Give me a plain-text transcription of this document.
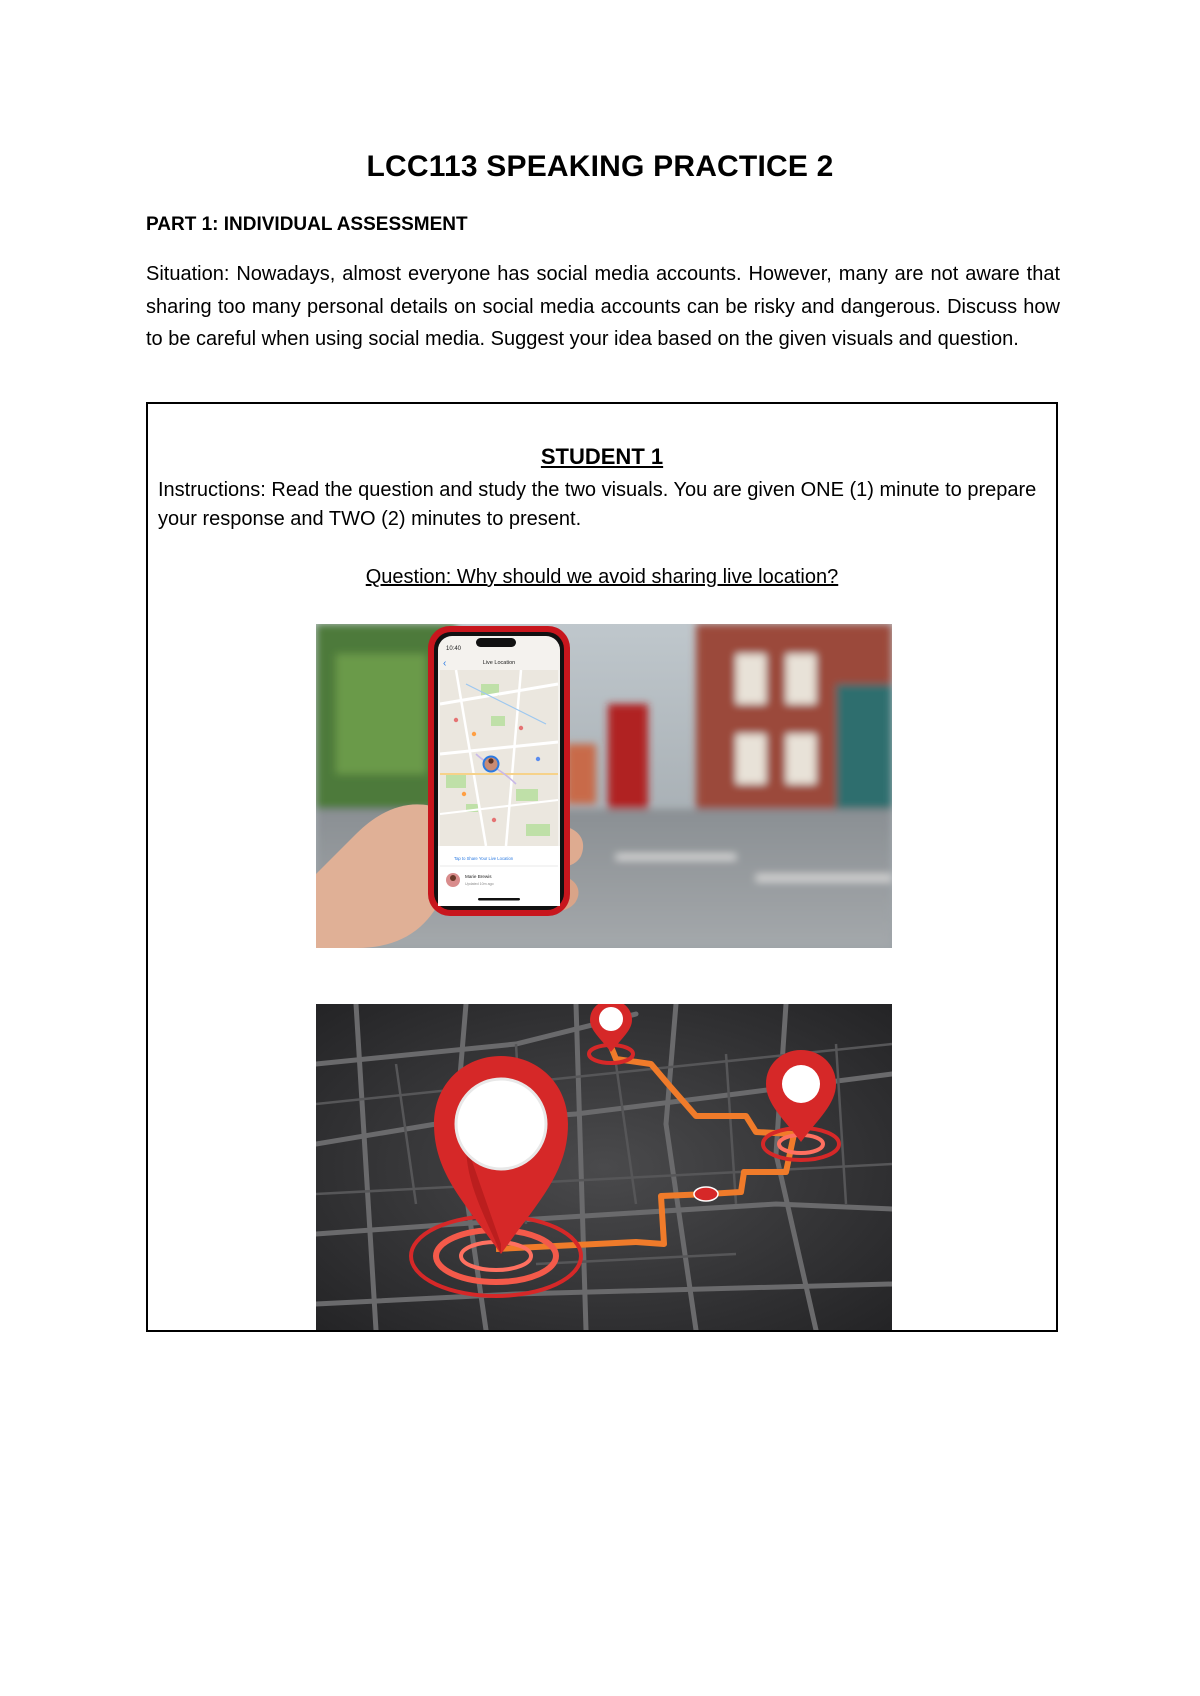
LCC113 SPEAKING PRACTICE 2
PART 1: INDIVIDUAL ASSESSMENT

Situation: Nowadays, almost everyone has social media accounts. However, many are not aware that sharing too many personal details on social media accounts can be risky and dangerous. Discuss how to be careful when using social media. Suggest your idea based on the given visuals and question.

STUDENT 1

Instructions: Read the question and study the two visuals. You are given ONE (1) minute to prepare your response and TWO (2) minutes to present.

Question: Why should we avoid sharing live location?
10:40
‹	Live Location
Tap to Share Your Live Location
Marie Brewis
Updated 10m ago
